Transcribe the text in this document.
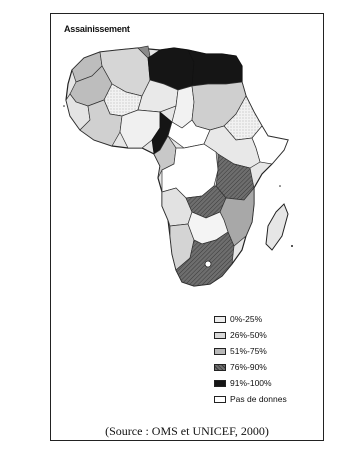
Assainissement
0%-25%
26%-50%
51%-75%
76%-90%
91%-100%
Pas de donnes
(Source : OMS et UNICEF, 2000)
